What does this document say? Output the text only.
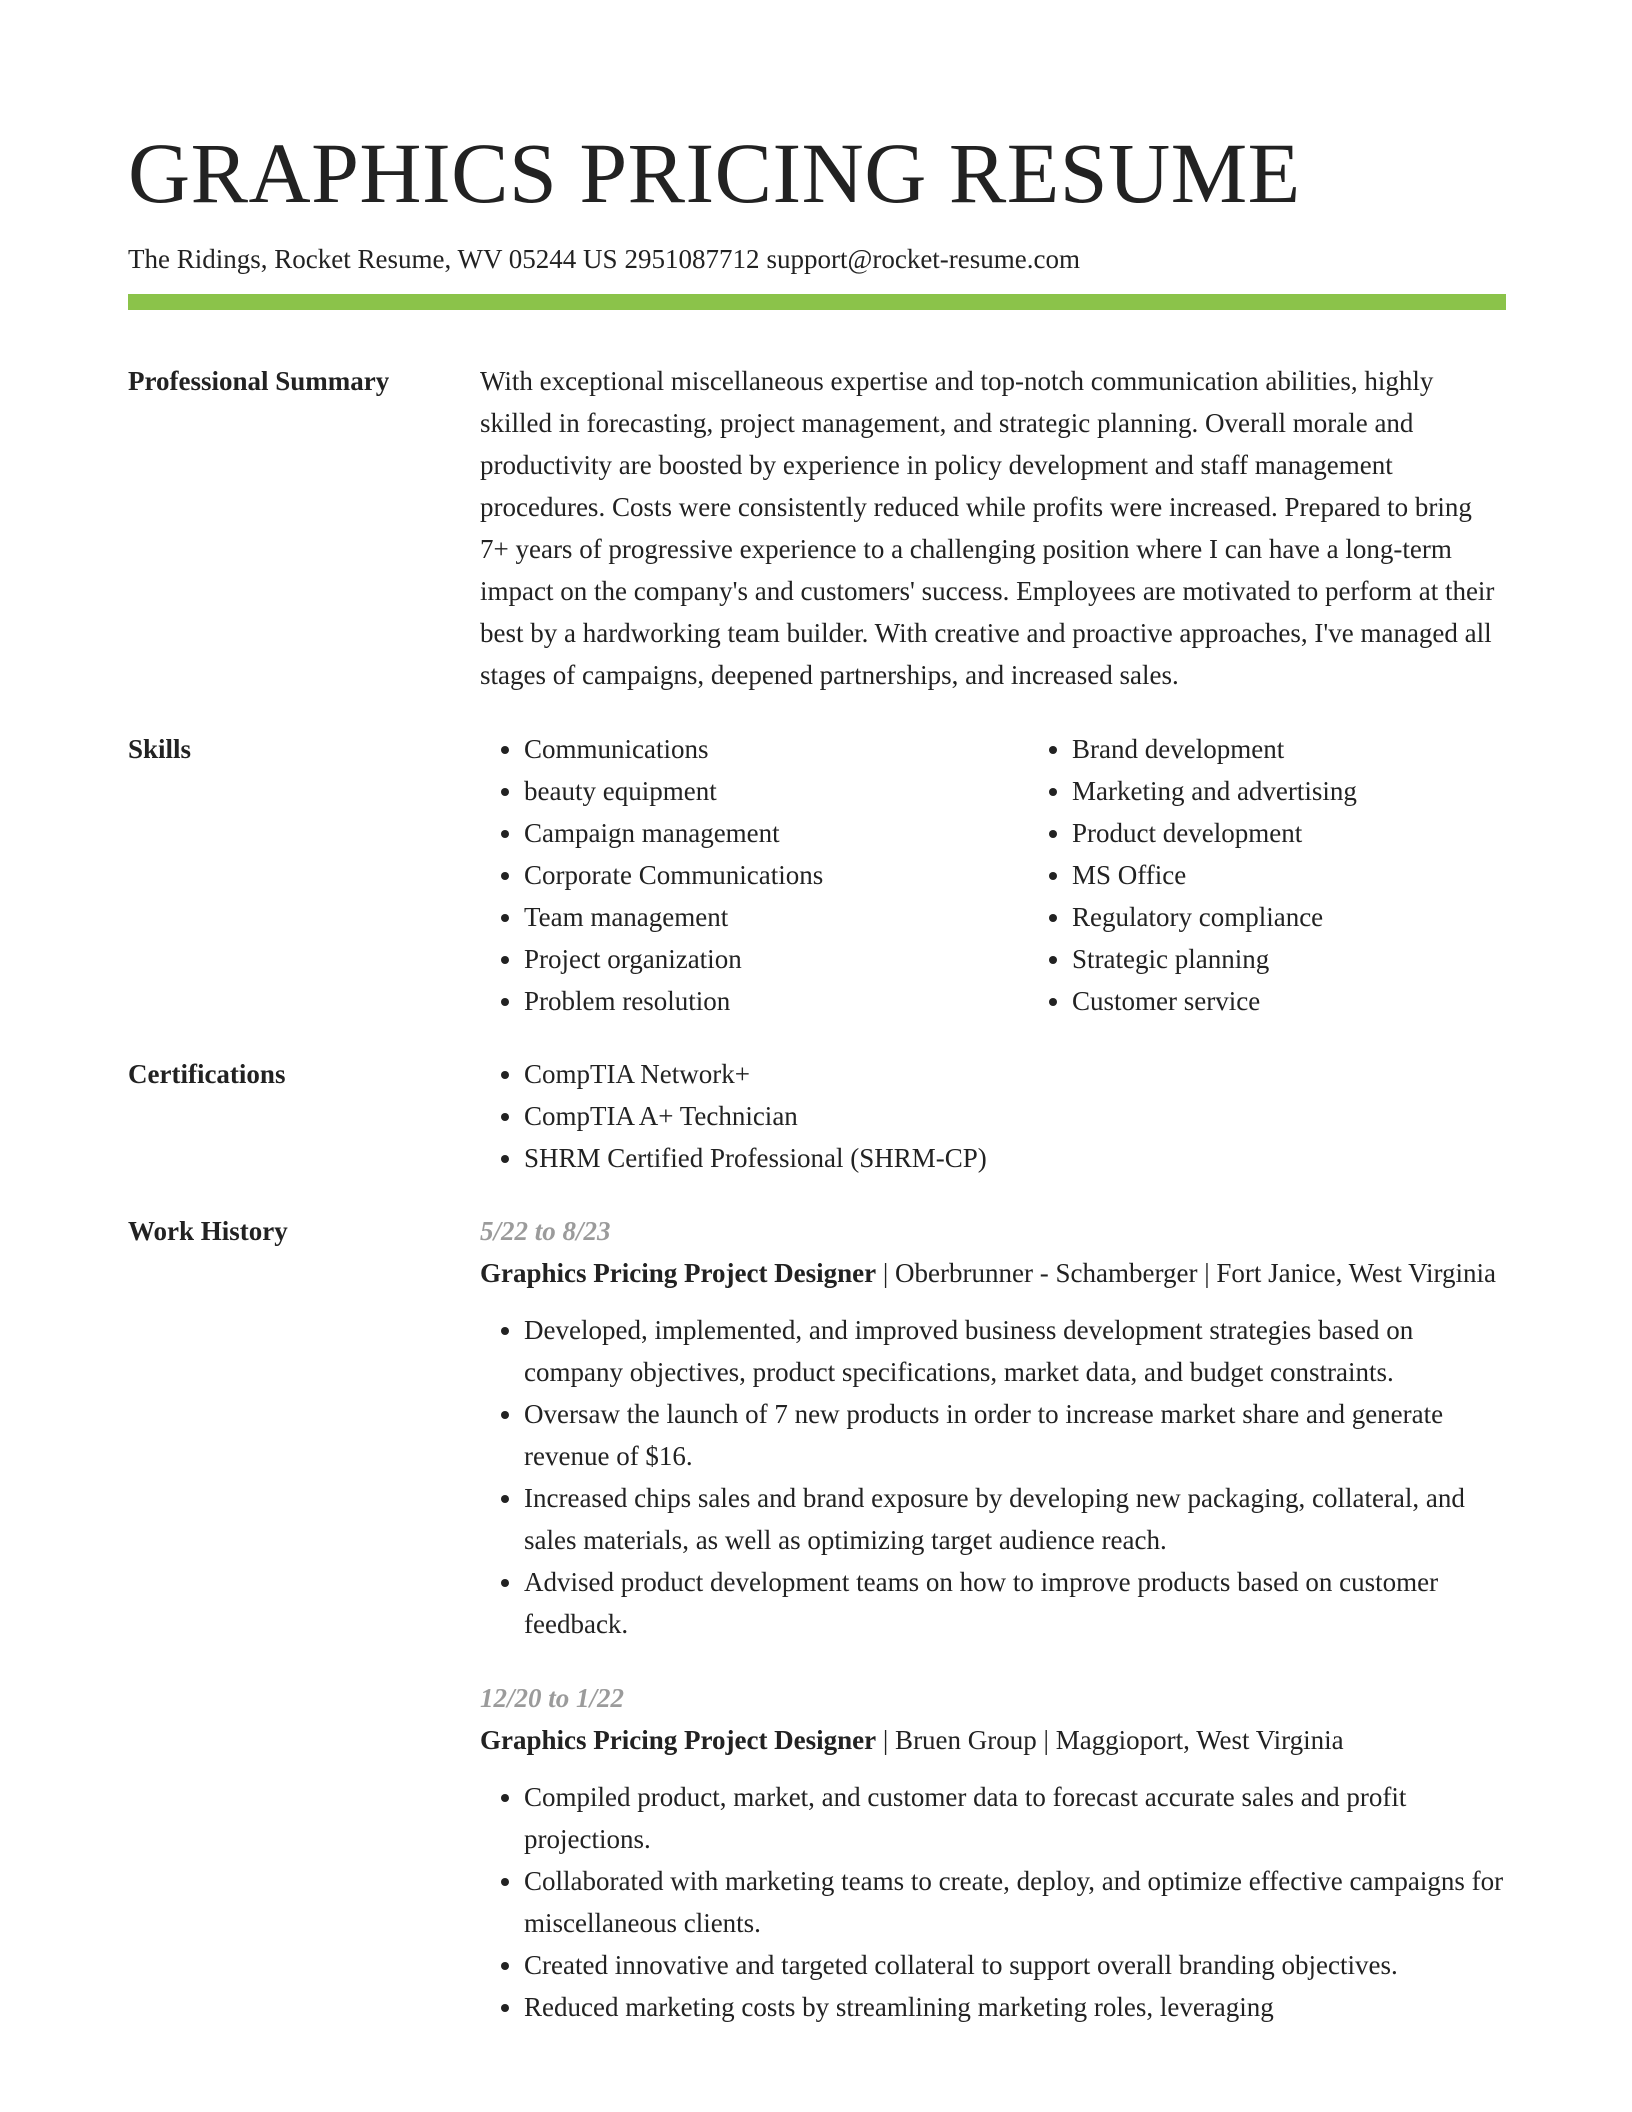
GRAPHICS PRICING RESUME
The Ridings, Rocket Resume, WV 05244 US 2951087712 support@rocket-resume.com
Professional Summary	With exceptional miscellaneous expertise and top-notch communication abilities, highly skilled in forecasting, project management, and strategic planning. Overall morale and productivity are boosted by experience in policy development and staff management procedures. Costs were consistently reduced while profits were increased. Prepared to bring 7+ years of progressive experience to a challenging position where I can have a long-term impact on the company's and customers' success. Employees are motivated to perform at their best by a hardworking team builder. With creative and proactive approaches, I've managed all stages of campaigns, deepened partnerships, and increased sales.

Skills	• Communications
• beauty equipment
• Campaign management
• Corporate Communications
• Team management
• Project organization
• Problem resolution
• Brand development
• Marketing and advertising
• Product development
• MS Office
• Regulatory compliance
• Strategic planning
• Customer service
Certifications	• CompTIA Network+
• CompTIA A+ Technician
• SHRM Certified Professional (SHRM-CP)
Work History	5/22 to 8/23
Graphics Pricing Project Designer | Oberbrunner - Schamberger | Fort Janice, West Virginia
• Developed, implemented, and improved business development strategies based on company objectives, product specifications, market data, and budget constraints.
• Oversaw the launch of 7 new products in order to increase market share and generate revenue of $16.
• Increased chips sales and brand exposure by developing new packaging, collateral, and sales materials, as well as optimizing target audience reach.
• Advised product development teams on how to improve products based on customer feedback.
12/20 to 1/22
Graphics Pricing Project Designer | Bruen Group | Maggioport, West Virginia
• Compiled product, market, and customer data to forecast accurate sales and profit projections.
• Collaborated with marketing teams to create, deploy, and optimize effective campaigns for miscellaneous clients.
• Created innovative and targeted collateral to support overall branding objectives.
• Reduced marketing costs by streamlining marketing roles, leveraging
